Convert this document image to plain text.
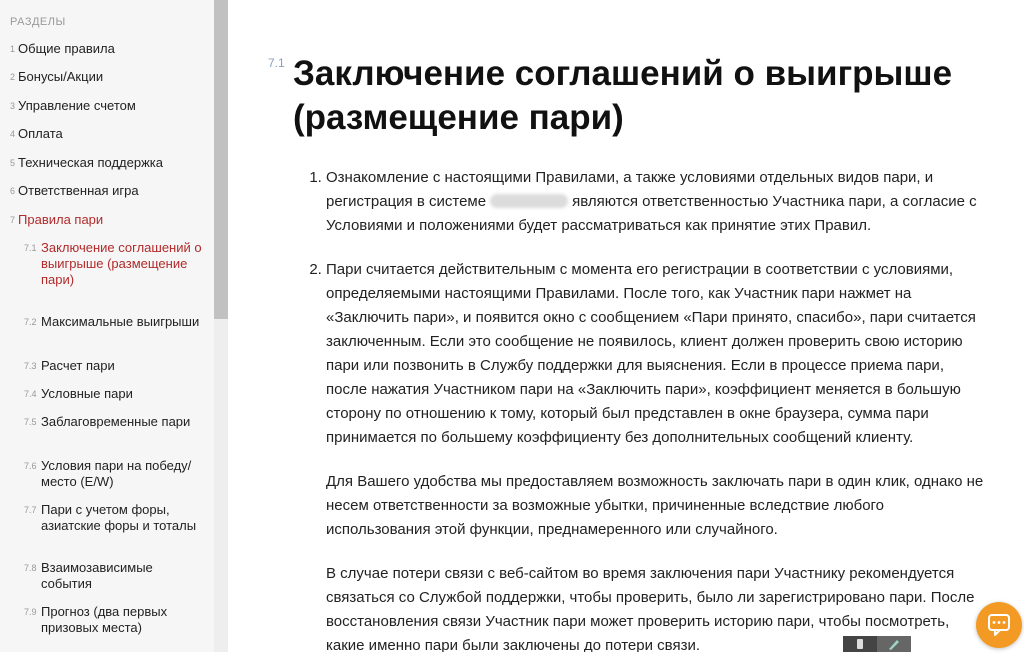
РАЗДЕЛЫ
1 Общие правила
2 Бонусы/Акции
3 Управление счетом
4 Оплата
5 Техническая поддержка
6 Ответственная игра
7 Правила пари
7.1 Заключение соглашений о выигрыше (размещение пари)
7.2 Максимальные выигрыши
7.3 Расчет пари
7.4 Условные пари
7.5 Заблаговременные пари
7.6 Условия пари на победу/место (E/W)
7.7 Пари с учетом форы, азиатские форы и тоталы
7.8 Взаимозависимые события
7.9 Прогноз (два первых призовых места)
7.1 Заключение соглашений о выигрыше (размещение пари)
1. Ознакомление с настоящими Правилами, а также условиями отдельных видов пари, и регистрация в системе	являются ответственностью Участника пари, а согласие с Условиями и положениями будет рассматриваться как принятие этих Правил.
2. Пари считается действительным с момента его регистрации в соответствии с условиями, определяемыми настоящими Правилами. После того, как Участник пари нажмет на «Заключить пари», и появится окно с сообщением «Пари принято, спасибо», пари считается заключенным. Если это сообщение не появилось, клиент должен проверить свою историю пари или позвонить в Службу поддержки для выяснения. Если в процессе приема пари, после нажатия Участником пари на «Заключить пари», коэффициент меняется в большую сторону по отношению к тому, который был представлен в окне браузера, сумма пари принимается по большему коэффициенту без дополнительных сообщений клиенту.

Для Вашего удобства мы предоставляем возможность заключать пари в один клик, однако не несем ответственности за возможные убытки, причиненные вследствие любого использования этой функции, преднамеренного или случайного.

В случае потери связи с веб-сайтом во время заключения пари Участнику рекомендуется связаться со Службой поддержки, чтобы проверить, было ли зарегистрировано пари. После восстановления связи Участник пари может проверить историю пари, чтобы посмотреть, какие именно пари были заключены до потери связи.
